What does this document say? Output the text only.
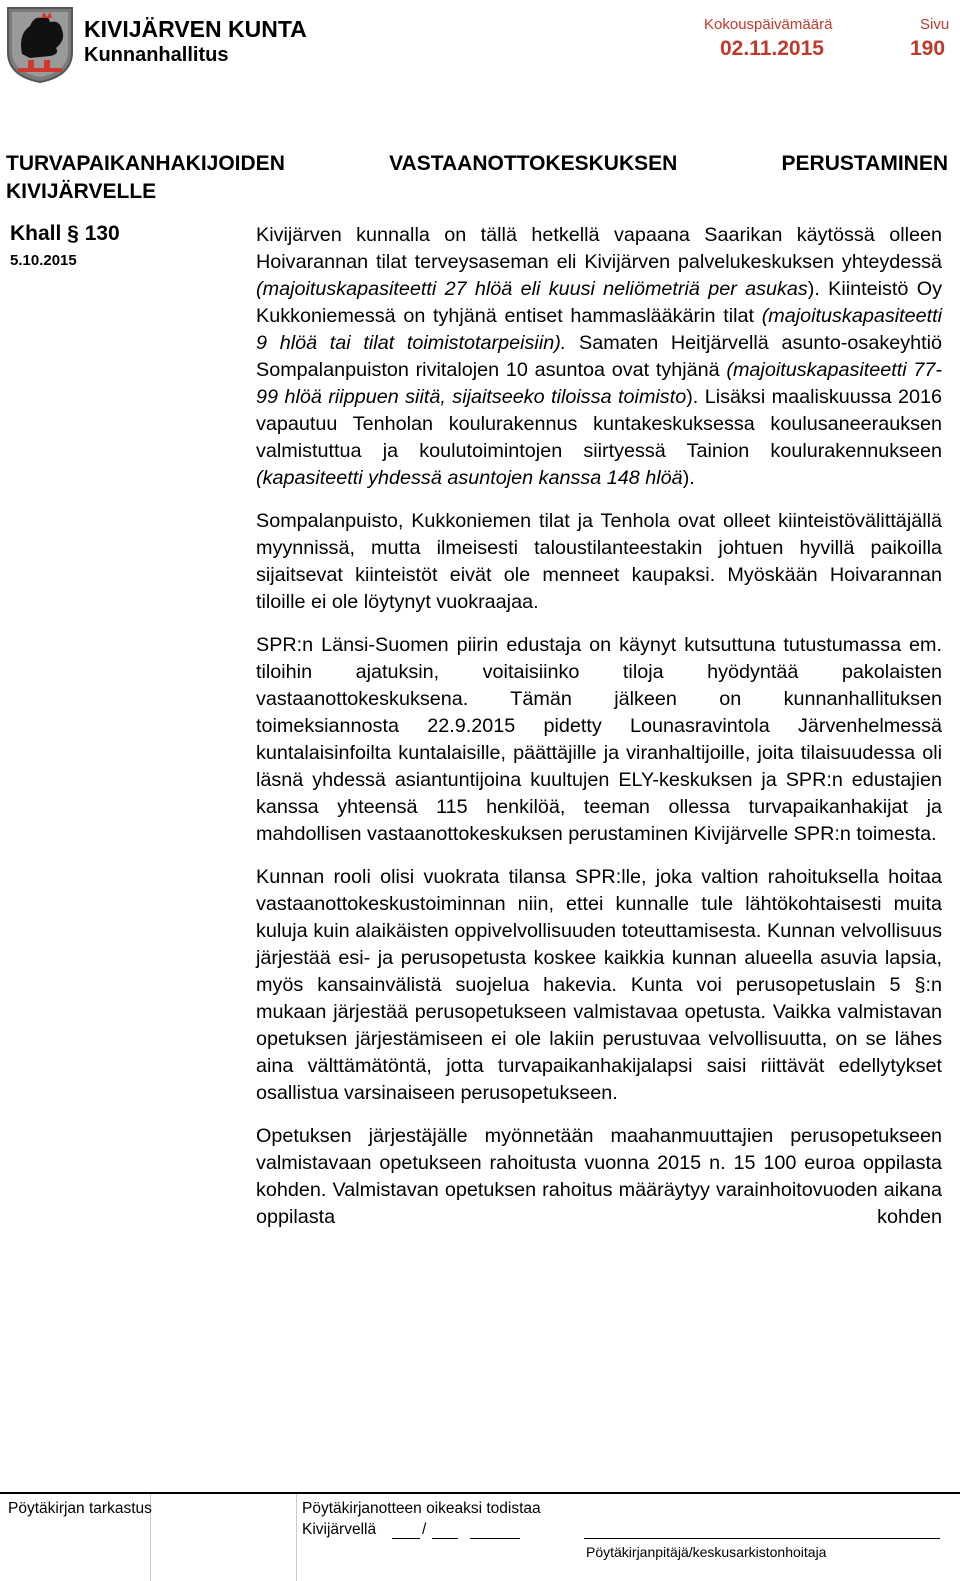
KIVIJÄRVEN KUNTA
Kunnanhallitus
Kokouspäivämäärä
02.11.2015
Sivu
190
TURVAPAIKANHAKIJOIDEN VASTAANOTTOKESKUKSEN PERUSTAMINEN
KIVIJÄRVELLE
Khall § 130
5.10.2015

Kivijärven kunnalla on tällä hetkellä vapaana Saarikan käytössä olleen Hoivarannan tilat terveysaseman eli Kivijärven palvelukeskuksen yhteydessä (majoituskapasiteetti 27 hlöä eli kuusi neliömetriä per asukas). Kiinteistö Oy Kukkoniemessä on tyhjänä entiset hammaslääkärin tilat (majoituskapasiteetti 9 hlöä tai tilat toimistotarpeisiin). Samaten Heitjärvellä asunto-osakeyhtiö Sompalanpuiston rivitalojen 10 asuntoa ovat tyhjänä (majoituskapasiteetti 77-99 hlöä riippuen siitä, sijaitseeko tiloissa toimisto). Lisäksi maaliskuussa 2016 vapautuu Tenholan koulurakennus kuntakeskuksessa koulusaneerauksen valmistuttua ja koulutoimintojen siirtyessä Tainion koulurakennukseen (kapasiteetti yhdessä asuntojen kanssa 148 hlöä).

Sompalanpuisto, Kukkoniemen tilat ja Tenhola ovat olleet kiinteistövälittäjällä myynnissä, mutta ilmeisesti taloustilanteestakin johtuen hyvillä paikoilla sijaitsevat kiinteistöt eivät ole menneet kaupaksi. Myöskään Hoivarannan tiloille ei ole löytynyt vuokraajaa.

SPR:n Länsi-Suomen piirin edustaja on käynyt kutsuttuna tutustumassa em. tiloihin ajatuksin, voitaisiinko tiloja hyödyntää pakolaisten vastaanottokeskuksena. Tämän jälkeen on kunnanhallituksen toimeksiannosta 22.9.2015 pidetty Lounasravintola Järvenhelmessä kuntalaisinfoilta kuntalaisille, päättäjille ja viranhaltijoille, joita tilaisuudessa oli läsnä yhdessä asiantuntijoina kuultujen ELY-keskuksen ja SPR:n edustajien kanssa yhteensä 115 henkilöä, teeman ollessa turvapaikanhakijat ja mahdollisen vastaanottokeskuksen perustaminen Kivijärvelle SPR:n toimesta.

Kunnan rooli olisi vuokrata tilansa SPR:lle, joka valtion rahoituksella hoitaa vastaanottokeskustoiminnan niin, ettei kunnalle tule lähtökohtaisesti muita kuluja kuin alaikäisten oppivelvollisuuden toteuttamisesta. Kunnan velvollisuus järjestää esi- ja perusopetusta koskee kaikkia kunnan alueella asuvia lapsia, myös kansainvälistä suojelua hakevia. Kunta voi perusopetuslain 5 §:n mukaan järjestää perusopetukseen valmistavaa opetusta. Vaikka valmistavan opetuksen järjestämiseen ei ole lakiin perustuvaa velvollisuutta, on se lähes aina välttämätöntä, jotta turvapaikanhakijalapsi saisi riittävät edellytykset osallistua varsinaiseen perusopetukseen.

Opetuksen järjestäjälle myönnetään maahanmuuttajien perusopetukseen valmistavaan opetukseen rahoitusta vuonna 2015 n. 15 100 euroa oppilasta kohden. Valmistavan opetuksen rahoitus määräytyy varainhoitovuoden aikana oppilasta kohden

Pöytäkirjan tarkastus	Pöytäkirjanotteen oikeaksi todistaa
Kivijärvellä	/
Pöytäkirjanpitäjä/keskusarkistonhoitaja
